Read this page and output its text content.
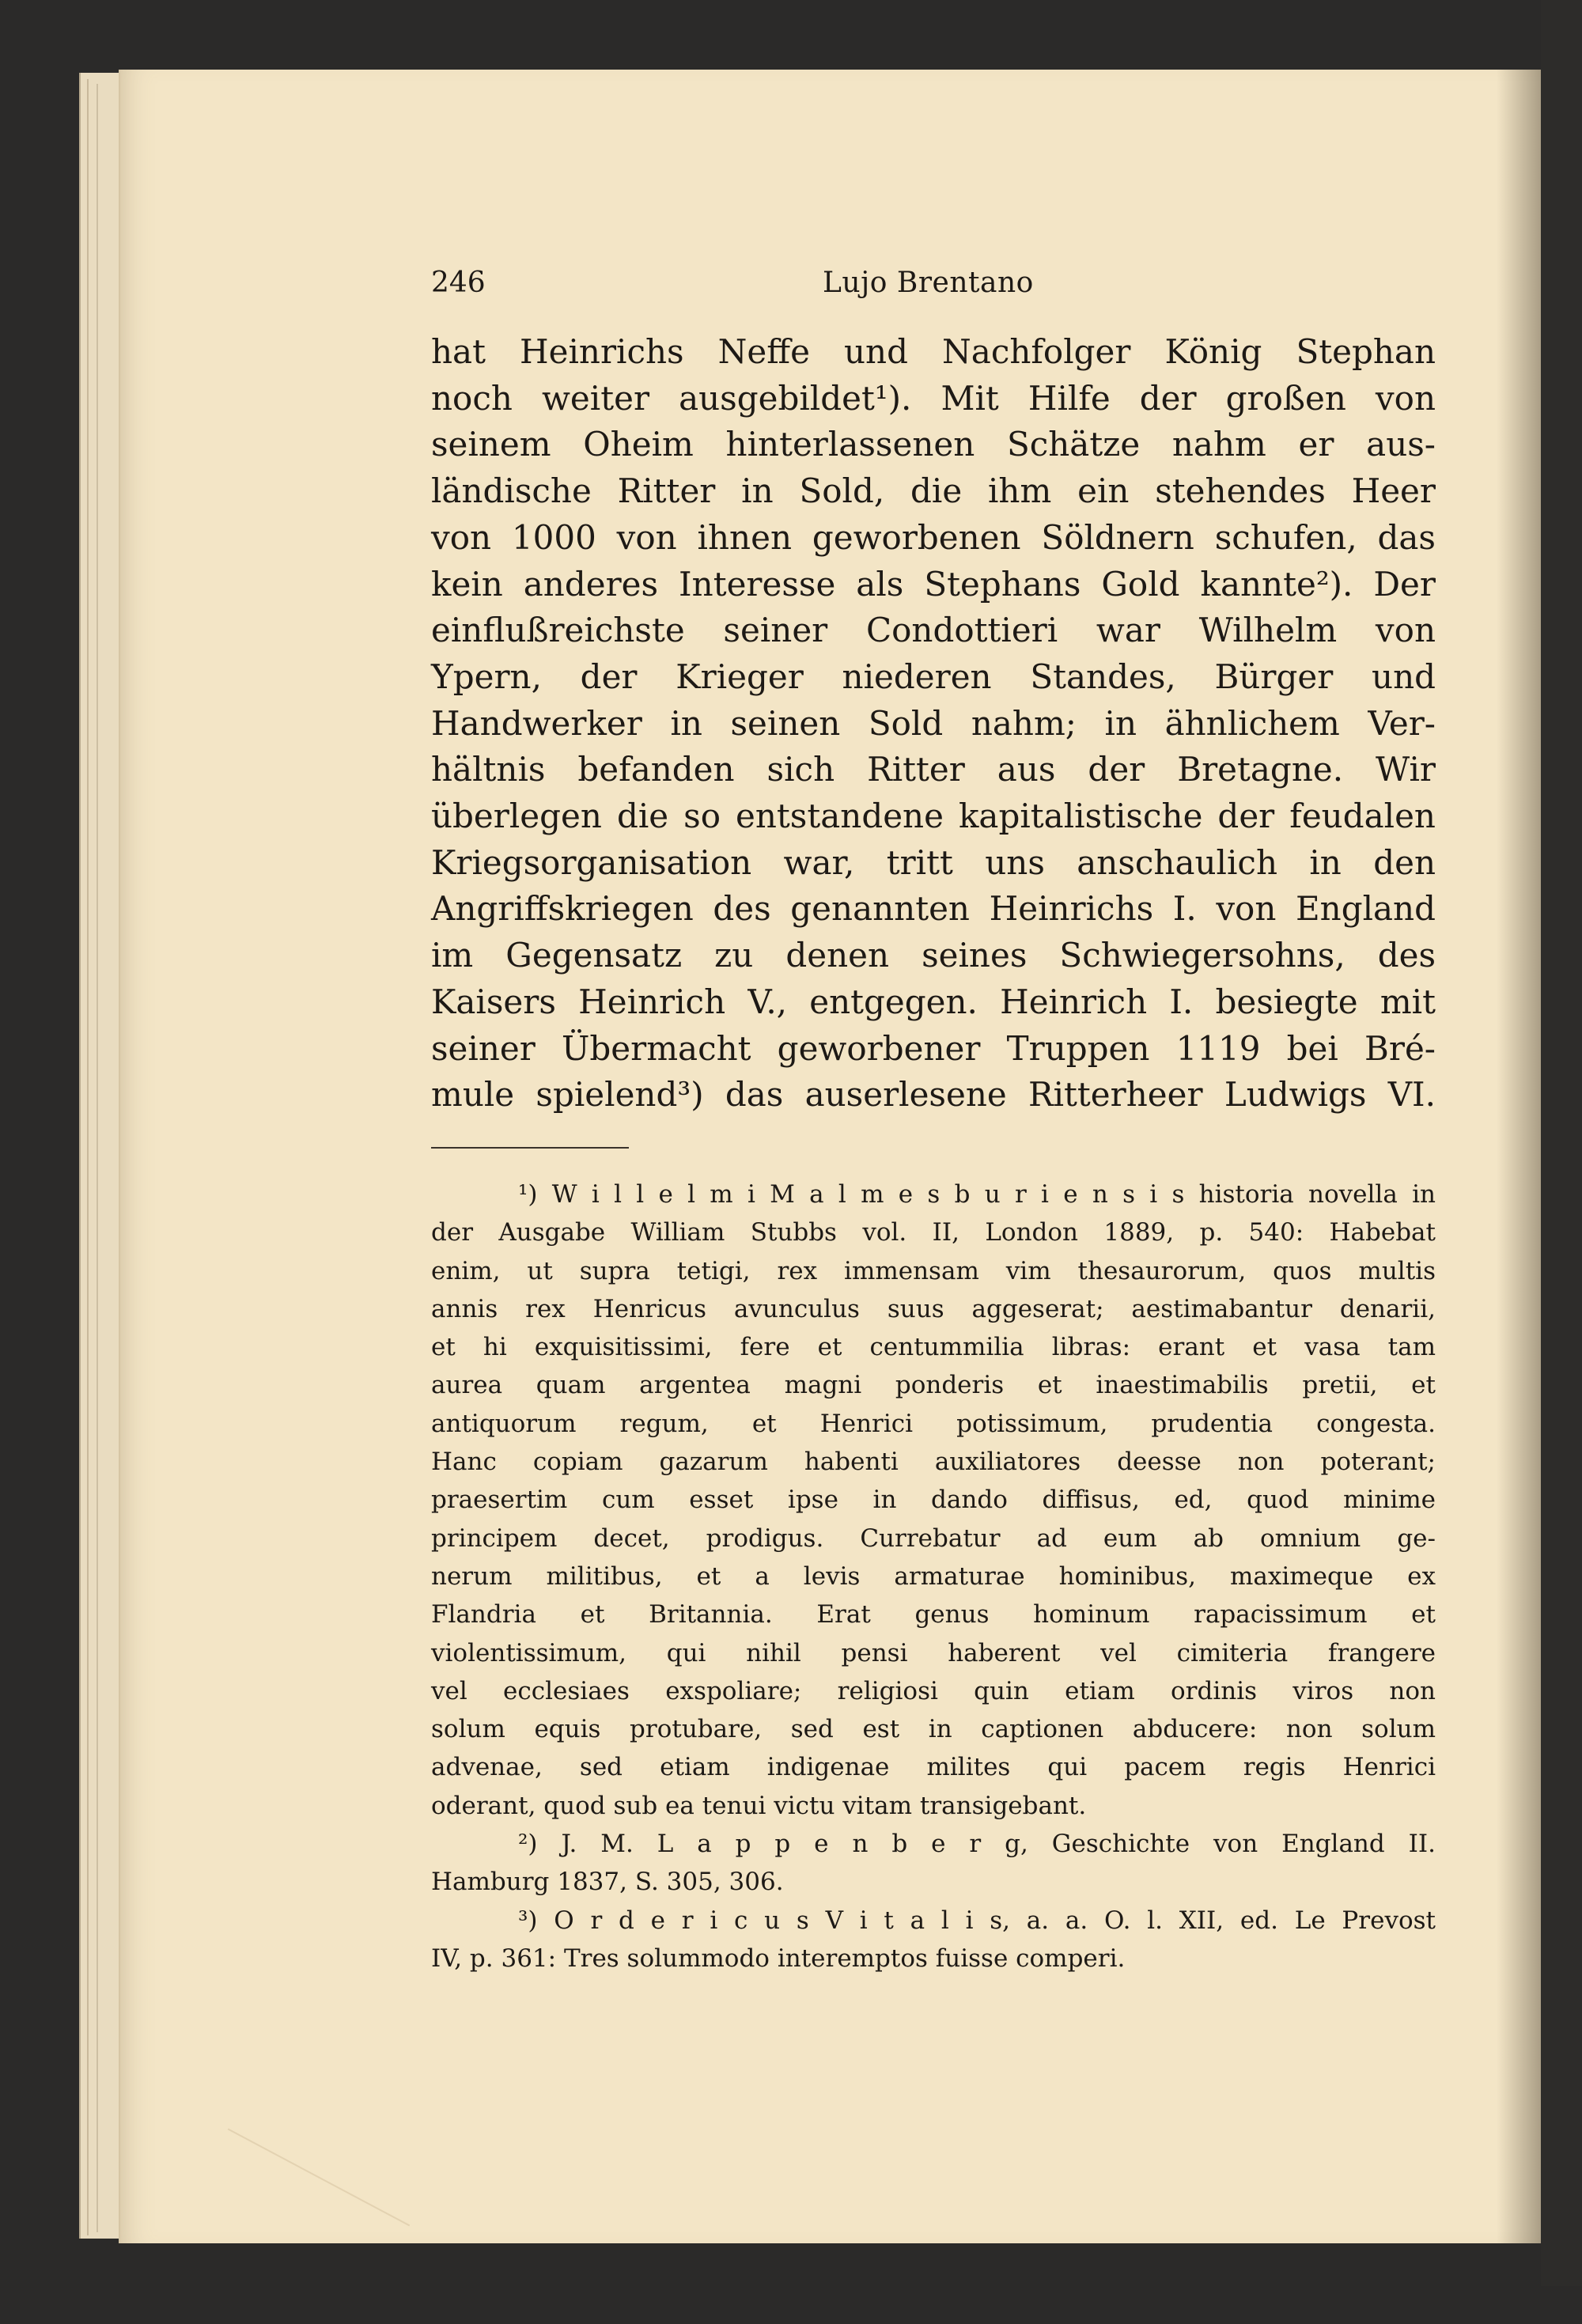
246	Lujo Brentano
hat Heinrichs Neffe und Nachfolger König Stephan
noch weiter ausgebildet¹). Mit Hilfe der großen von
seinem Oheim hinterlassenen Schätze nahm er aus-
ländische Ritter in Sold, die ihm ein stehendes Heer
von 1000 von ihnen geworbenen Söldnern schufen, das
kein anderes Interesse als Stephans Gold kannte²). Der
einflußreichste seiner Condottieri war Wilhelm von
Ypern, der Krieger niederen Standes, Bürger und
Handwerker in seinen Sold nahm; in ähnlichem Ver-
hältnis befanden sich Ritter aus der Bretagne. Wir
überlegen die so entstandene kapitalistische der feudalen
Kriegsorganisation war, tritt uns anschaulich in den
Angriffskriegen des genannten Heinrichs I. von England
im Gegensatz zu denen seines Schwiegersohns, des
Kaisers Heinrich V., entgegen. Heinrich I. besiegte mit
seiner Übermacht geworbener Truppen 1119 bei Bré-
mule spielend³) das auserlesene Ritterheer Ludwigs VI.
¹) W i l l e l m i M a l m e s b u r i e n s i s historia novella in
der Ausgabe William Stubbs vol. II, London 1889, p. 540: Habebat
enim, ut supra tetigi, rex immensam vim thesaurorum, quos multis
annis rex Henricus avunculus suus aggeserat; aestimabantur denarii,
et hi exquisitissimi, fere et centummilia libras: erant et vasa tam
aurea quam argentea magni ponderis et inaestimabilis pretii, et
antiquorum regum, et Henrici potissimum, prudentia congesta.
Hanc copiam gazarum habenti auxiliatores deesse non poterant;
praesertim cum esset ipse in dando diffisus, ed, quod minime
principem decet, prodigus. Currebatur ad eum ab omnium ge-
nerum militibus, et a levis armaturae hominibus, maximeque ex
Flandria et Britannia. Erat genus hominum rapacissimum et
violentissimum, qui nihil pensi haberent vel cimiteria frangere
vel ecclesiaes exspoliare; religiosi quin etiam ordinis viros non
solum equis protubare, sed est in captionen abducere: non solum
advenae, sed etiam indigenae milites qui pacem regis Henrici
oderant, quod sub ea tenui victu vitam transigebant.
²) J. M. L a p p e n b e r g, Geschichte von England II.
Hamburg 1837, S. 305, 306.
³) O r d e r i c u s V i t a l i s, a. a. O. l. XII, ed. Le Prevost
IV, p. 361: Tres solummodo interemptos fuisse comperi.
